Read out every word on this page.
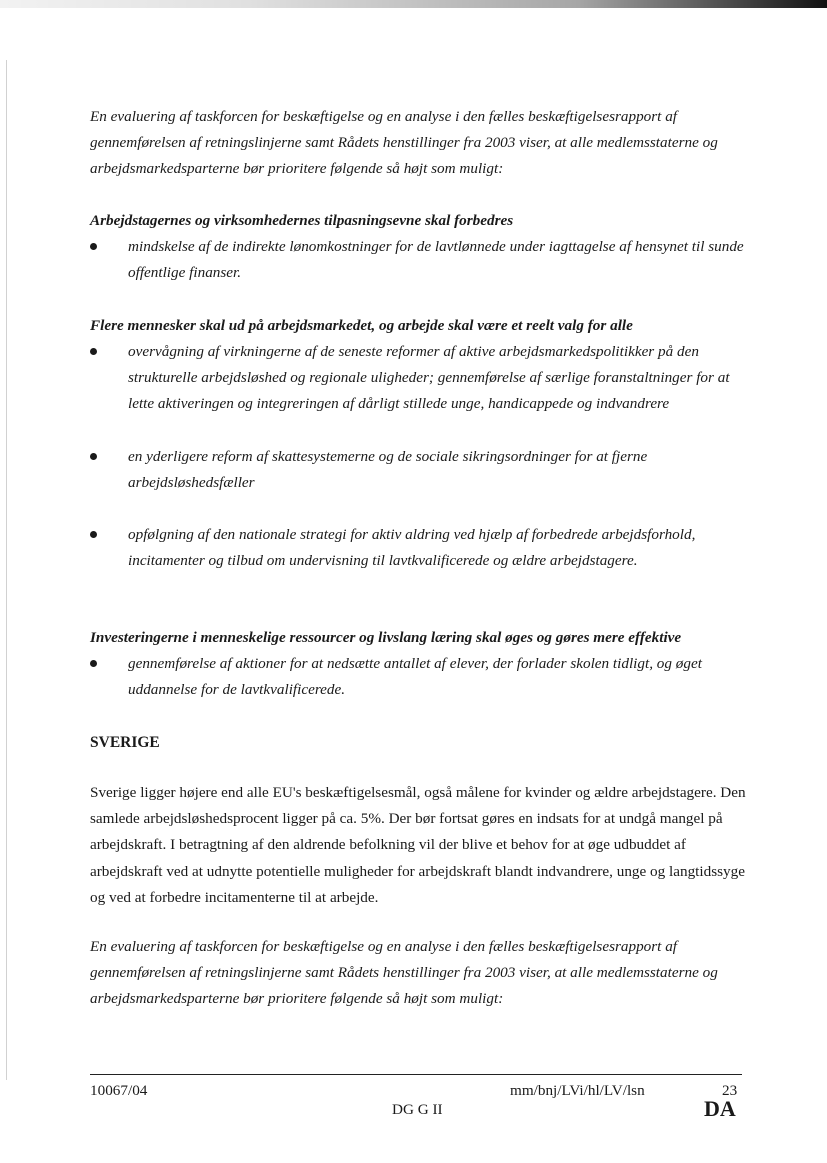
En evaluering af taskforcen for beskæftigelse og en analyse i den fælles beskæftigelsesrapport af gennemførelsen af retningslinjerne samt Rådets henstillinger fra 2003 viser, at alle medlemsstaterne og arbejdsmarkedsparterne bør prioritere følgende så højt som muligt:

Arbejdstagernes og virksomhedernes tilpasningsevne skal forbedres

mindskelse af de indirekte lønomkostninger for de lavtlønnede under iagttagelse af hensynet til sunde offentlige finanser.

Flere mennesker skal ud på arbejdsmarkedet, og arbejde skal være et reelt valg for alle

overvågning af virkningerne af de seneste reformer af aktive arbejdsmarkedspolitikker på den strukturelle arbejdsløshed og regionale uligheder; gennemførelse af særlige foranstaltninger for at lette aktiveringen og integreringen af dårligt stillede unge, handicappede og indvandrere
en yderligere reform af skattesystemerne og de sociale sikringsordninger for at fjerne arbejdsløshedsfæller
opfølgning af den nationale strategi for aktiv aldring ved hjælp af forbedrede arbejdsforhold, incitamenter og tilbud om undervisning til lavtkvalificerede og ældre arbejdstagere.

Investeringerne i menneskelige ressourcer og livslang læring skal øges og gøres mere effektive

gennemførelse af aktioner for at nedsætte antallet af elever, der forlader skolen tidligt, og øget uddannelse for de lavtkvalificerede.

SVERIGE

Sverige ligger højere end alle EU's beskæftigelsesmål, også målene for kvinder og ældre arbejdstagere. Den samlede arbejdsløshedsprocent ligger på ca. 5%. Der bør fortsat gøres en indsats for at undgå mangel på arbejdskraft. I betragtning af den aldrende befolkning vil der blive et behov for at øge udbuddet af arbejdskraft ved at udnytte potentielle muligheder for arbejdskraft blandt indvandrere, unge og langtidssyge og ved at forbedre incitamenterne til at arbejde.

En evaluering af taskforcen for beskæftigelse og en analyse i den fælles beskæftigelsesrapport af gennemførelsen af retningslinjerne samt Rådets henstillinger fra 2003 viser, at alle medlemsstaterne og arbejdsmarkedsparterne bør prioritere følgende så højt som muligt:

10067/04	mm/bnj/LVi/hl/LV/lsn	23
DG G II	DA
